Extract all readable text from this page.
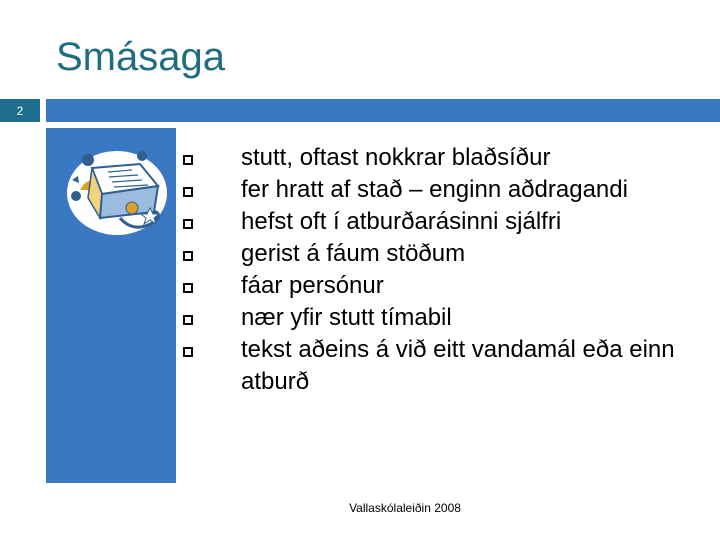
Smásaga
2
stutt, oftast nokkrar blaðsíður
fer hratt af stað – enginn aðdragandi
hefst oft í atburðarásinni sjálfri
gerist á fáum stöðum
fáar persónur
nær yfir stutt tímabil
tekst aðeins á við eitt vandamál eða einn atburð
Vallaskólaleiðin 2008
